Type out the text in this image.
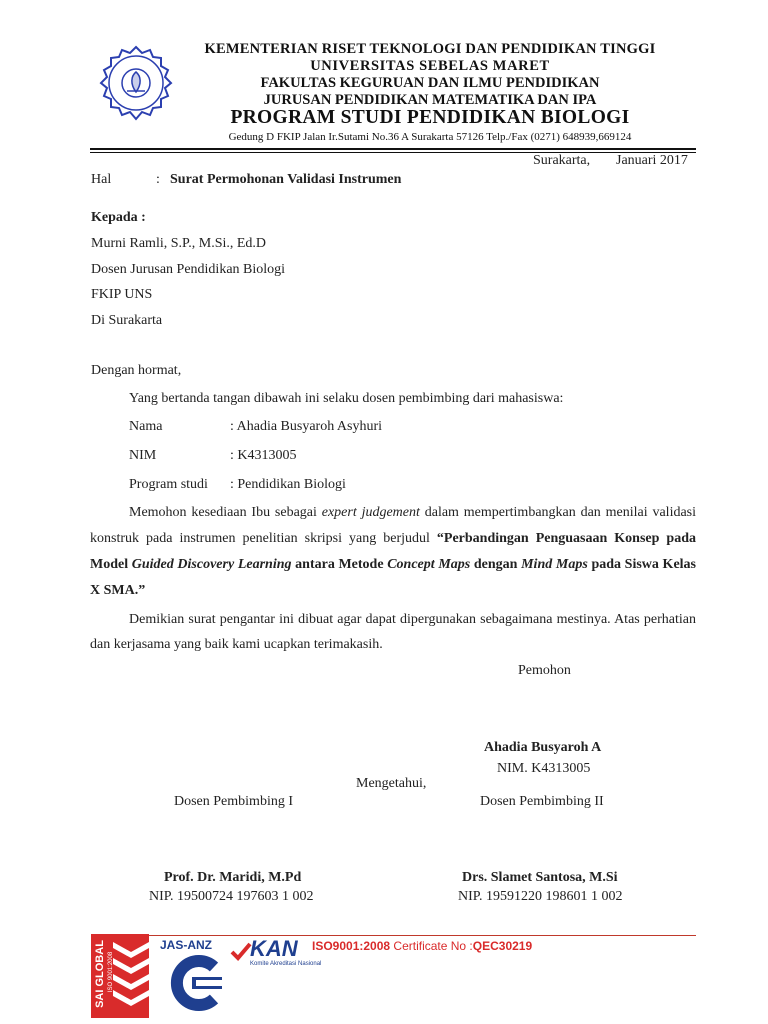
KEMENTERIAN RISET TEKNOLOGI DAN PENDIDIKAN TINGGI
UNIVERSITAS SEBELAS MARET
FAKULTAS KEGURUAN DAN ILMU PENDIDIKAN
JURUSAN PENDIDIKAN MATEMATIKA DAN IPA
PROGRAM STUDI PENDIDIKAN BIOLOGI
Gedung D FKIP Jalan Ir.Sutami No.36 A Surakarta 57126 Telp./Fax (0271) 648939,669124
Surakarta, Januari 2017
Hal	: Surat Permohonan Validasi Instrumen
Kepada :
Murni Ramli, S.P., M.Si., Ed.D
Dosen Jurusan Pendidikan Biologi
FKIP UNS
Di Surakarta
Dengan hormat,
Yang bertanda tangan dibawah ini selaku dosen pembimbing dari mahasiswa:
Nama	: Ahadia Busyaroh Asyhuri
NIM	: K4313005
Program studi : Pendidikan Biologi
Memohon kesediaan Ibu sebagai expert judgement dalam mempertimbangkan dan menilai validasi konstruk pada instrumen penelitian skripsi yang berjudul “Perbandingan Penguasaan Konsep pada Model Guided Discovery Learning antara Metode Concept Maps dengan Mind Maps pada Siswa Kelas X SMA.”
Demikian surat pengantar ini dibuat agar dapat dipergunakan sebagaimana mestinya. Atas perhatian dan kerjasama yang baik kami ucapkan terimakasih.
Pemohon
Ahadia Busyaroh A
NIM. K4313005
Mengetahui,
Dosen Pembimbing I	Dosen Pembimbing II
Prof. Dr. Maridi, M.Pd	Drs. Slamet Santosa, M.Si
NIP. 19500724 197603 1 002	NIP. 19591220 198601 1 002
SAI GLOBAL ISO 9001:2008
JAS-ANZ	KAN
Komite Akreditasi Nasional
ISO9001:2008 Certificate No :QEC30219
